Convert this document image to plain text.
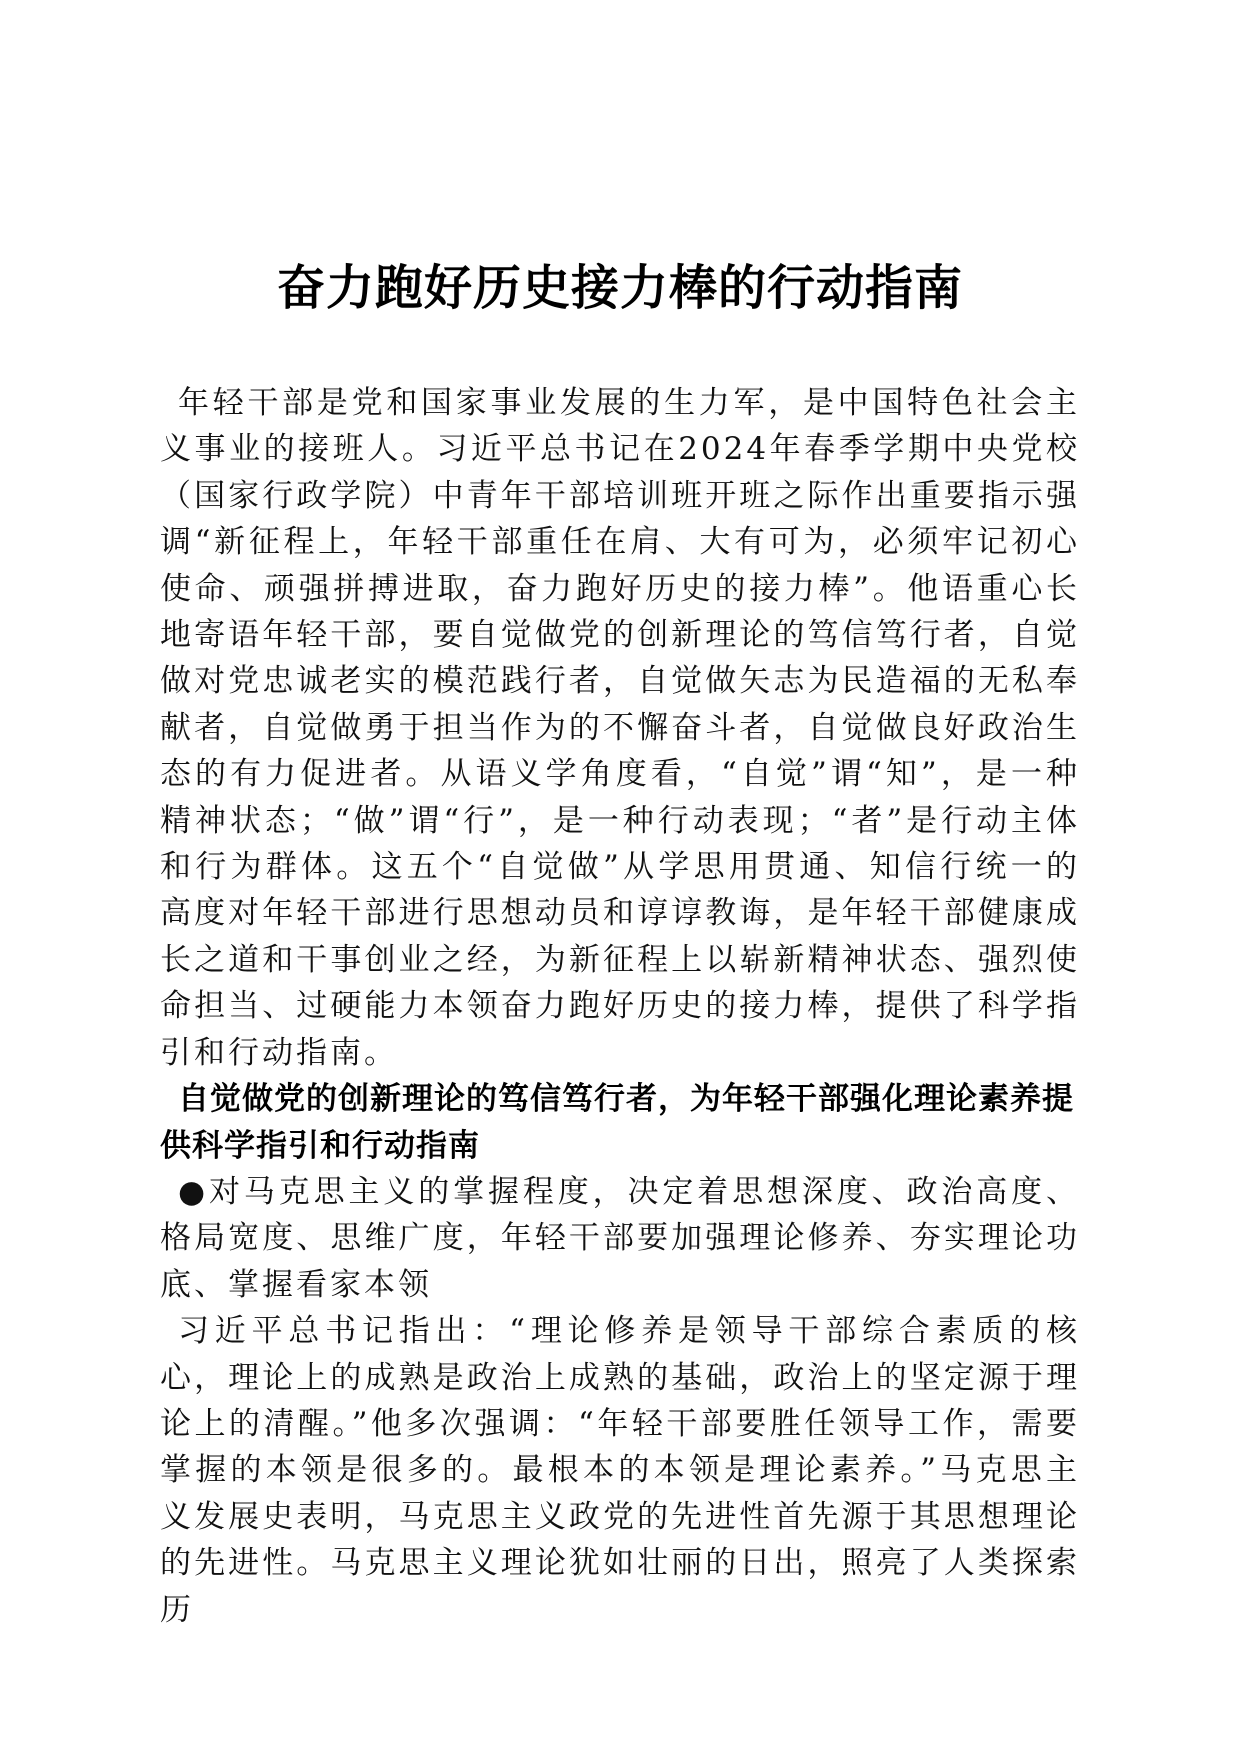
奋力跑好历史接力棒的行动指南

年轻干部是党和国家事业发展的生力军，是中国特色社会主义事业的接班人。习近平总书记在2024年春季学期中央党校（国家行政学院）中青年干部培训班开班之际作出重要指示强调“新征程上，年轻干部重任在肩、大有可为，必须牢记初心使命、顽强拼搏进取，奋力跑好历史的接力棒”。他语重心长地寄语年轻干部，要自觉做党的创新理论的笃信笃行者，自觉做对党忠诚老实的模范践行者，自觉做矢志为民造福的无私奉献者，自觉做勇于担当作为的不懈奋斗者，自觉做良好政治生态的有力促进者。从语义学角度看，“自觉”谓“知”，是一种精神状态；“做”谓“行”，是一种行动表现；“者”是行动主体和行为群体。这五个“自觉做”从学思用贯通、知信行统一的高度对年轻干部进行思想动员和谆谆教诲，是年轻干部健康成长之道和干事创业之经，为新征程上以崭新精神状态、强烈使命担当、过硬能力本领奋力跑好历史的接力棒，提供了科学指引和行动指南。

自觉做党的创新理论的笃信笃行者，为年轻干部强化理论素养提供科学指引和行动指南

●对马克思主义的掌握程度，决定着思想深度、政治高度、格局宽度、思维广度，年轻干部要加强理论修养、夯实理论功底、掌握看家本领

习近平总书记指出：“理论修养是领导干部综合素质的核心，理论上的成熟是政治上成熟的基础，政治上的坚定源于理论上的清醒。”他多次强调：“年轻干部要胜任领导工作，需要掌握的本领是很多的。最根本的本领是理论素养。”马克思主义发展史表明，马克思主义政党的先进性首先源于其思想理论的先进性。马克思主义理论犹如壮丽的日出，照亮了人类探索历
